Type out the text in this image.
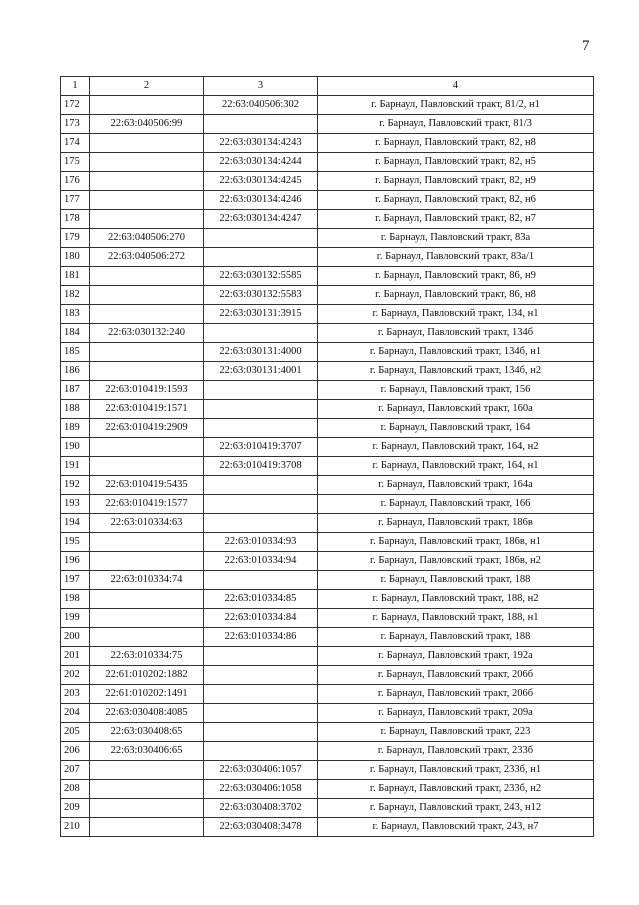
7
1	2	3	4
172		22:63:040506:302	г. Барнаул, Павловский тракт, 81/2, н1
173	22:63:040506:99		г. Барнаул, Павловский тракт, 81/3
174		22:63:030134:4243	г. Барнаул, Павловский тракт, 82, н8
175		22:63:030134:4244	г. Барнаул, Павловский тракт, 82, н5
176		22:63:030134:4245	г. Барнаул, Павловский тракт, 82, н9
177		22:63:030134:4246	г. Барнаул, Павловский тракт, 82, н6
178		22:63:030134:4247	г. Барнаул, Павловский тракт, 82, н7
179	22:63:040506:270		г. Барнаул, Павловский тракт, 83а
180	22:63:040506:272		г. Барнаул, Павловский тракт, 83а/1
181		22:63:030132:5585	г. Барнаул, Павловский тракт, 86, н9
182		22:63:030132:5583	г. Барнаул, Павловский тракт, 86, н8
183		22:63:030131:3915	г. Барнаул, Павловский тракт, 134, н1
184	22:63:030132:240		г. Барнаул, Павловский тракт, 134б
185		22:63:030131:4000	г. Барнаул, Павловский тракт, 134б, н1
186		22:63:030131:4001	г. Барнаул, Павловский тракт, 134б, н2
187	22:63:010419:1593		г. Барнаул, Павловский тракт, 156
188	22:63:010419:1571		г. Барнаул, Павловский тракт, 160а
189	22:63:010419:2909		г. Барнаул, Павловский тракт, 164
190		22:63:010419:3707	г. Барнаул, Павловский тракт, 164, н2
191		22:63:010419:3708	г. Барнаул, Павловский тракт, 164, н1
192	22:63:010419:5435		г. Барнаул, Павловский тракт, 164а
193	22:63:010419:1577		г. Барнаул, Павловский тракт, 166
194	22:63:010334:63		г. Барнаул, Павловский тракт, 186в
195		22:63:010334:93	г. Барнаул, Павловский тракт, 186в, н1
196		22:63:010334:94	г. Барнаул, Павловский тракт, 186в, н2
197	22:63:010334:74		г. Барнаул, Павловский тракт, 188
198		22:63:010334:85	г. Барнаул, Павловский тракт, 188, н2
199		22:63:010334:84	г. Барнаул, Павловский тракт, 188, н1
200		22:63:010334:86	г. Барнаул, Павловский тракт, 188
201	22:63:010334:75		г. Барнаул, Павловский тракт, 192а
202	22:61:010202:1882		г. Барнаул, Павловский тракт, 206б
203	22:61:010202:1491		г. Барнаул, Павловский тракт, 206б
204	22:63:030408:4085		г. Барнаул, Павловский тракт, 209а
205	22:63:030408:65		г. Барнаул, Павловский тракт, 223
206	22:63:030406:65		г. Барнаул, Павловский тракт, 233б
207		22:63:030406:1057	г. Барнаул, Павловский тракт, 233б, н1
208		22:63:030406:1058	г. Барнаул, Павловский тракт, 233б, н2
209		22:63:030408:3702	г. Барнаул, Павловский тракт, 243, н12
210		22:63:030408:3478	г. Барнаул, Павловский тракт, 243, н7
